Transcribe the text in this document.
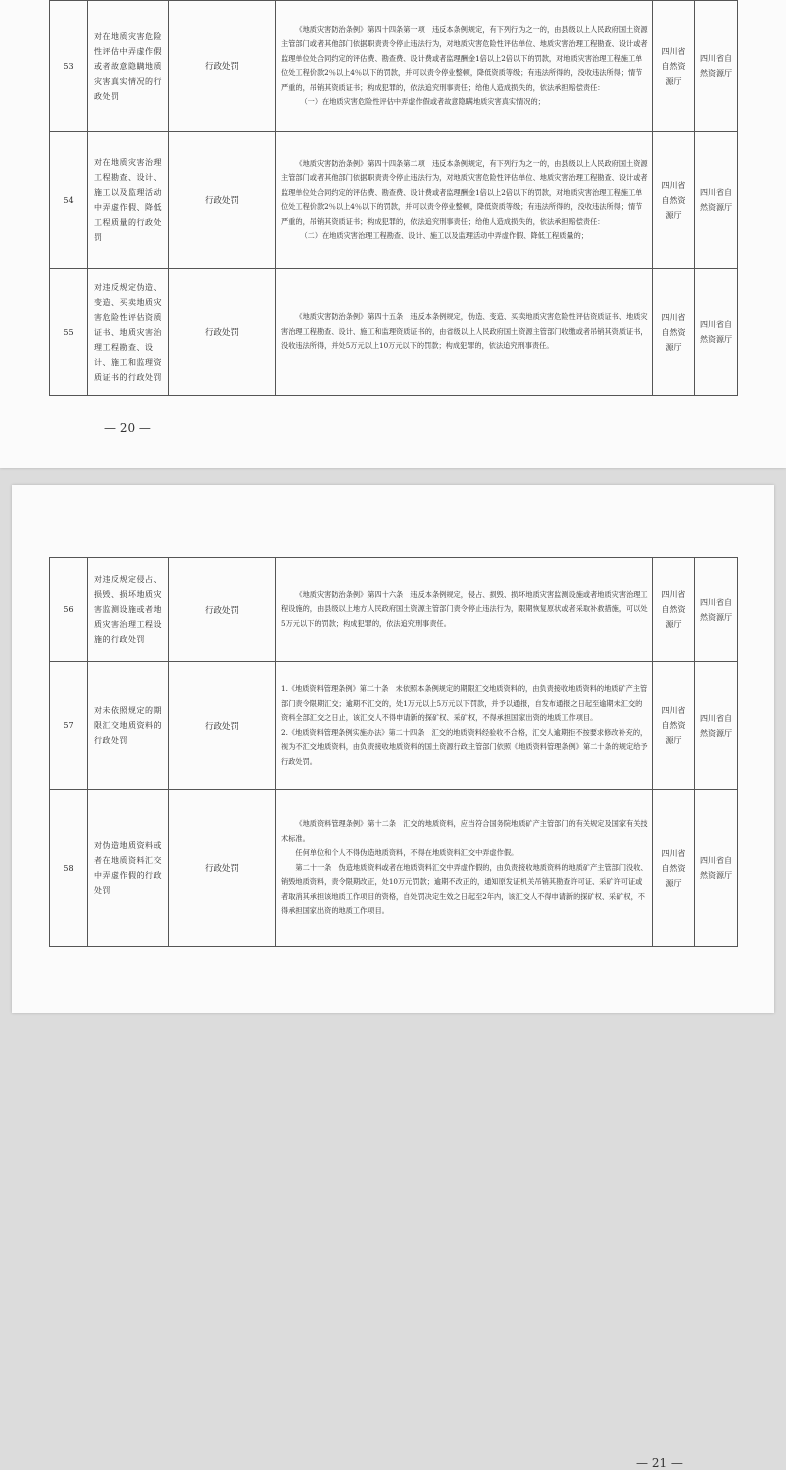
53	对在地质灾害危险性评估中弄虚作假或者故意隐瞒地质灾害真实情况的行政处罚	行政处罚	《地质灾害防治条例》第四十四条第一项　违反本条例规定，有下列行为之一的，由县级以上人民政府国土资源主管部门或者其他部门依据职责责令停止违法行为，对地质灾害危险性评估单位、地质灾害治理工程勘查、设计或者监理单位处合同约定的评估费、勘查费、设计费或者监理酬金1倍以上2倍以下的罚款，对地质灾害治理工程施工单位处工程价款2％以上4％以下的罚款，并可以责令停业整顿，降低资质等级；有违法所得的，没收违法所得；情节严重的，吊销其资质证书；构成犯罪的，依法追究刑事责任；给他人造成损失的，依法承担赔偿责任：
（一）在地质灾害危险性评估中弄虚作假或者故意隐瞒地质灾害真实情况的；	四川省自然资源厅	四川省自然资源厅
54	对在地质灾害治理工程勘查、设计、施工以及监理活动中弄虚作假、降低工程质量的行政处罚	行政处罚	《地质灾害防治条例》第四十四条第二项　违反本条例规定，有下列行为之一的，由县级以上人民政府国土资源主管部门或者其他部门依据职责责令停止违法行为，对地质灾害危险性评估单位、地质灾害治理工程勘查、设计或者监理单位处合同约定的评估费、勘查费、设计费或者监理酬金1倍以上2倍以下的罚款，对地质灾害治理工程施工单位处工程价款2％以上4％以下的罚款，并可以责令停业整顿，降低资质等级；有违法所得的，没收违法所得；情节严重的，吊销其资质证书；构成犯罪的，依法追究刑事责任；给他人造成损失的，依法承担赔偿责任：
（二）在地质灾害治理工程勘查、设计、施工以及监理活动中弄虚作假、降低工程质量的；	四川省自然资源厅	四川省自然资源厅
55	对违反规定伪造、变造、买卖地质灾害危险性评估资质证书、地质灾害治理工程勘查、设计、施工和监理资质证书的行政处罚	行政处罚	《地质灾害防治条例》第四十五条　违反本条例规定，伪造、变造、买卖地质灾害危险性评估资质证书、地质灾害治理工程勘查、设计、施工和监理资质证书的，由省级以上人民政府国土资源主管部门收缴或者吊销其资质证书，没收违法所得，并处5万元以上10万元以下的罚款；构成犯罪的，依法追究刑事责任。	四川省自然资源厅	四川省自然资源厅
— 20 —
56	对违反规定侵占、损毁、损坏地质灾害监测设施或者地质灾害治理工程设施的行政处罚	行政处罚	《地质灾害防治条例》第四十六条　违反本条例规定，侵占、损毁、损坏地质灾害监测设施或者地质灾害治理工程设施的，由县级以上地方人民政府国土资源主管部门责令停止违法行为，限期恢复原状或者采取补救措施，可以处5万元以下的罚款；构成犯罪的，依法追究刑事责任。	四川省自然资源厅	四川省自然资源厅
57	对未依照规定的期限汇交地质资料的行政处罚	行政处罚	1.《地质资料管理条例》第二十条　未依照本条例规定的期限汇交地质资料的，由负责接收地质资料的地质矿产主管部门责令限期汇交；逾期不汇交的，处1万元以上5万元以下罚款，并予以通报，自发布通报之日起至逾期未汇交的资料全部汇交之日止，该汇交人不得申请新的探矿权、采矿权，不得承担国家出资的地质工作项目。
2.《地质资料管理条例实施办法》第二十四条　汇交的地质资料经验收不合格，汇交人逾期拒不按要求修改补充的，视为不汇交地质资料，由负责接收地质资料的国土资源行政主管部门依照《地质资料管理条例》第二十条的规定给予行政处罚。	四川省自然资源厅	四川省自然资源厅
58	对伪造地质资料或者在地质资料汇交中弄虚作假的行政处罚	行政处罚	《地质资料管理条例》第十二条　汇交的地质资料，应当符合国务院地质矿产主管部门的有关规定及国家有关技术标准。
任何单位和个人不得伪造地质资料，不得在地质资料汇交中弄虚作假。
第二十一条　伪造地质资料或者在地质资料汇交中弄虚作假的，由负责接收地质资料的地质矿产主管部门没收、销毁地质资料，责令限期改正，处10万元罚款；逾期不改正的，通知原发证机关吊销其勘查许可证、采矿许可证或者取消其承担该地质工作项目的资格，自处罚决定生效之日起至2年内，该汇交人不得申请新的探矿权、采矿权，不得承担国家出资的地质工作项目。	四川省自然资源厅	四川省自然资源厅
— 21 —
